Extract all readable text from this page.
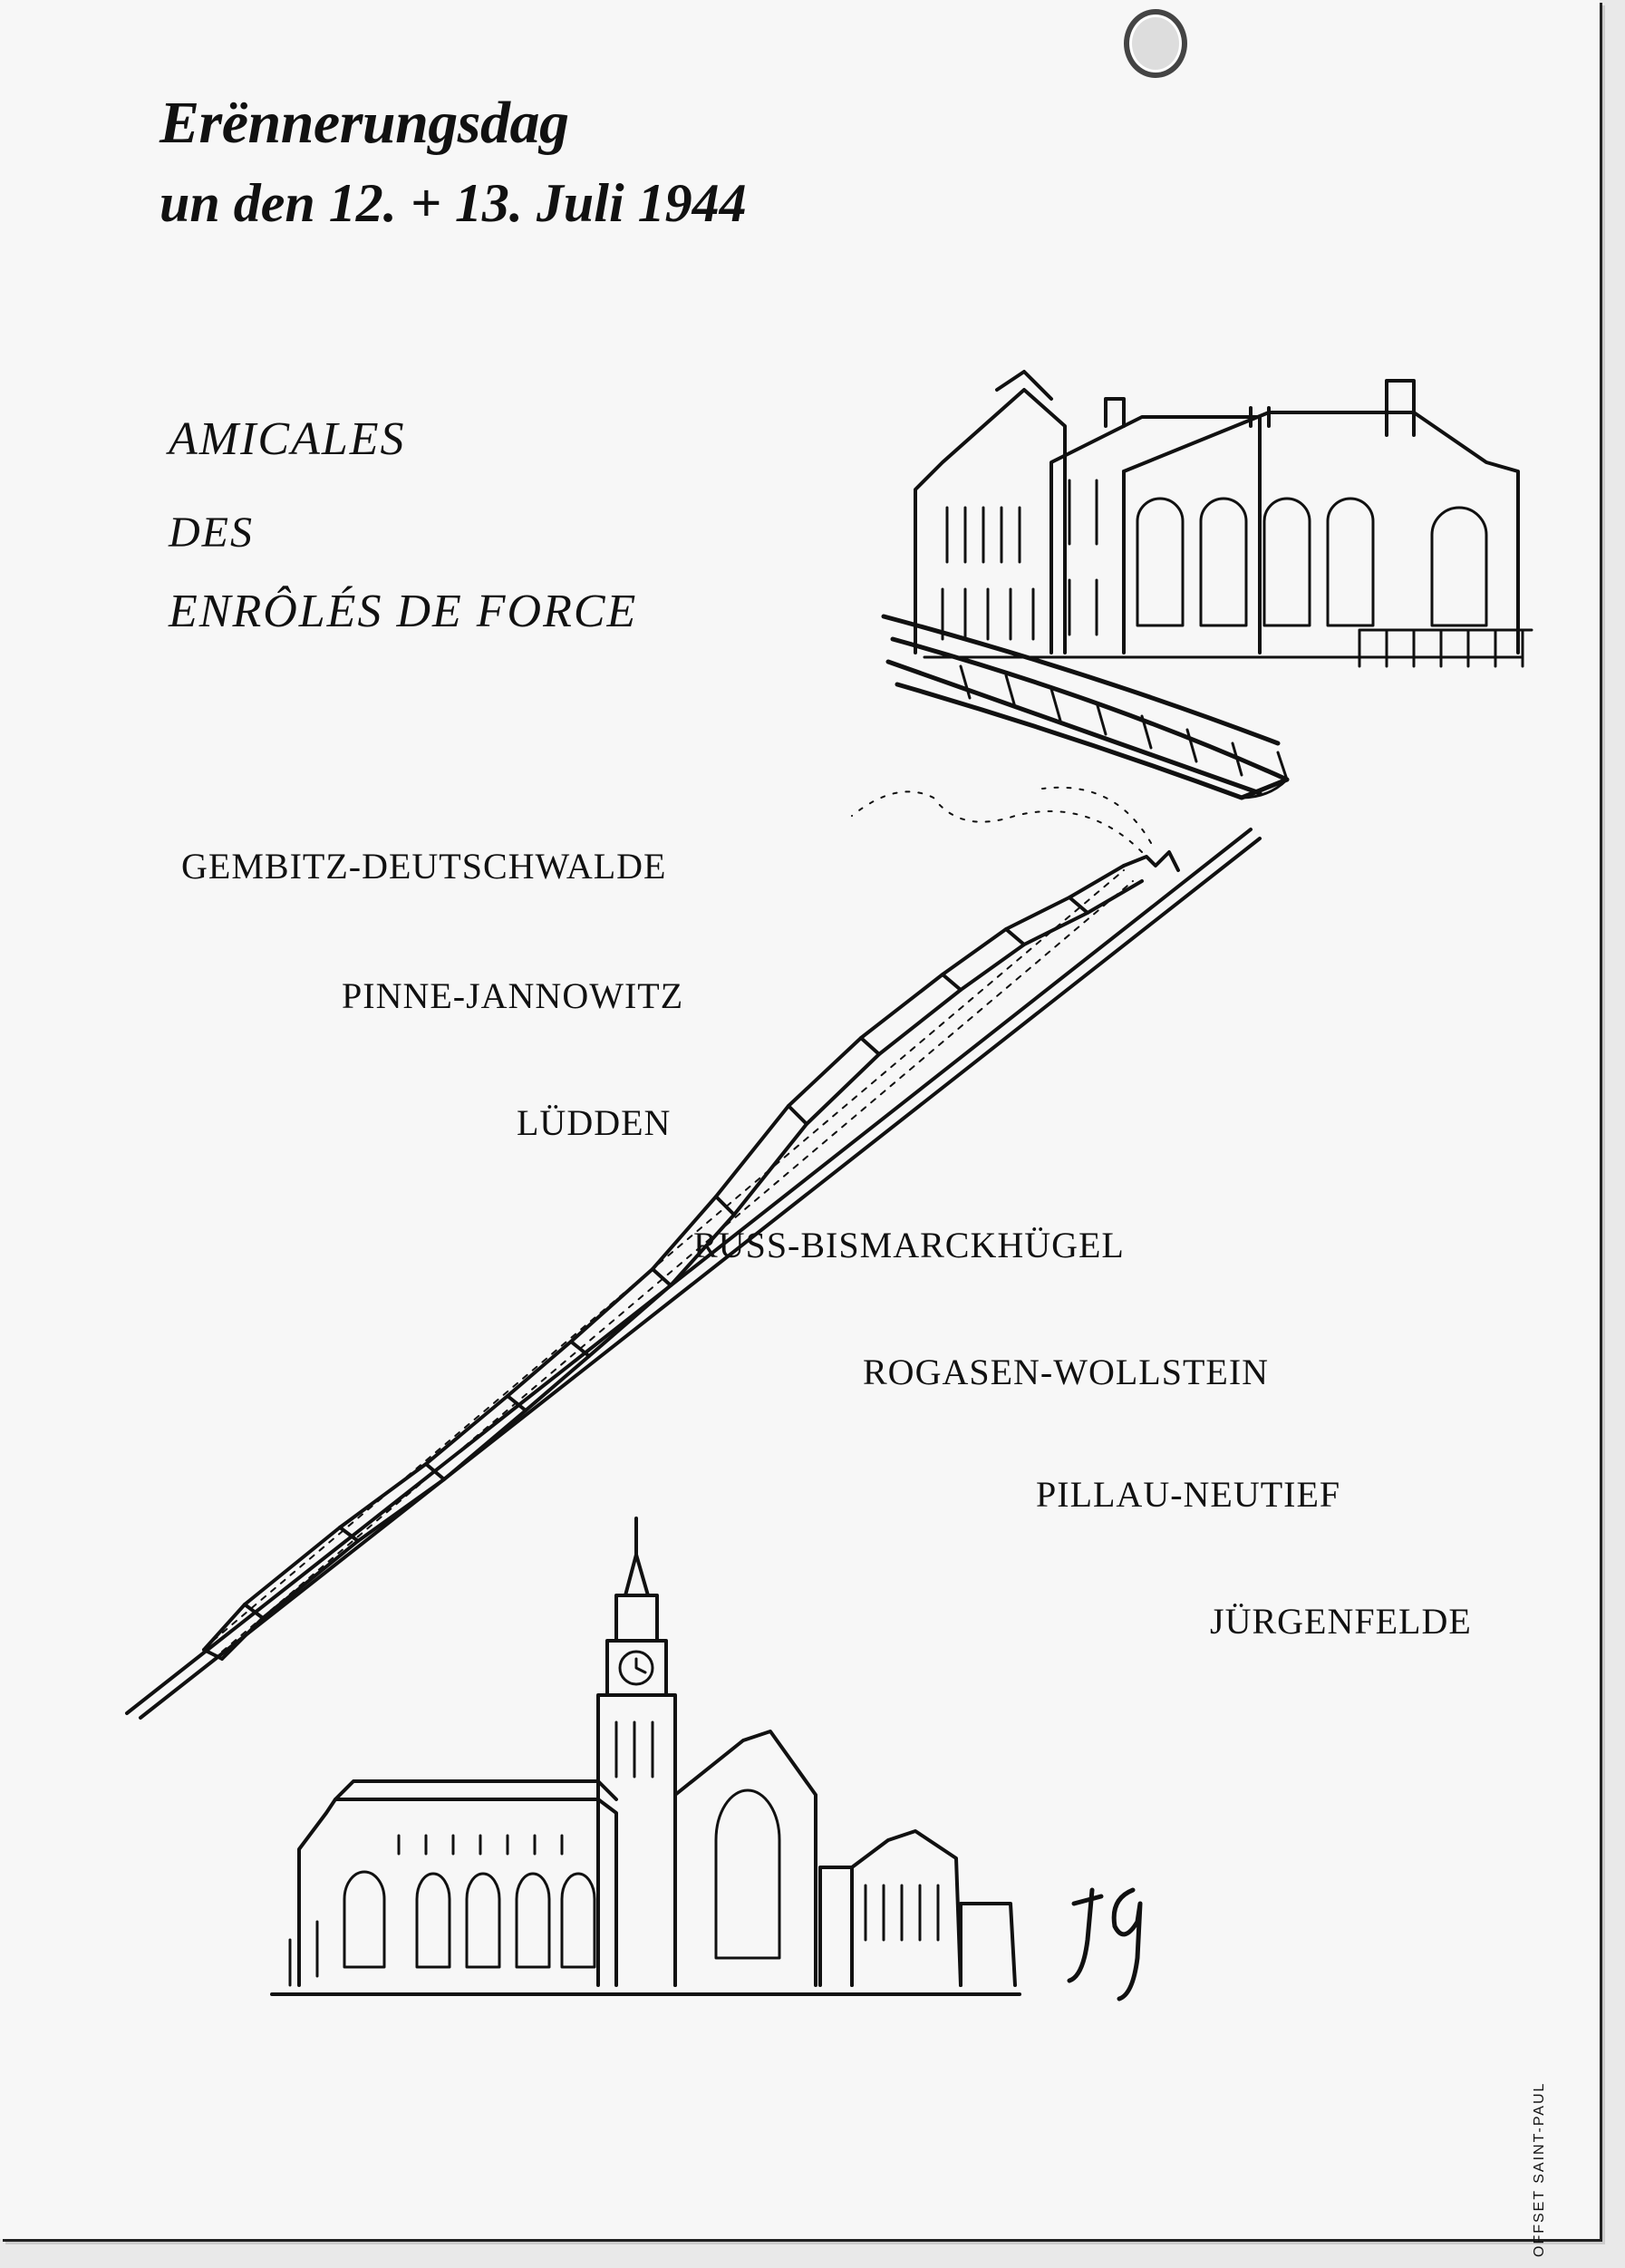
Erënnerungsdag
un den 12. + 13. Juli 1944
AMICALES
DES
ENRÔLÉS DE FORCE
GEMBITZ-DEUTSCHWALDE
PINNE-JANNOWITZ
LÜDDEN
RUSS-BISMARCKHÜGEL
ROGASEN-WOLLSTEIN
PILLAU-NEUTIEF
JÜRGENFELDE
OFFSET SAINT-PAUL
